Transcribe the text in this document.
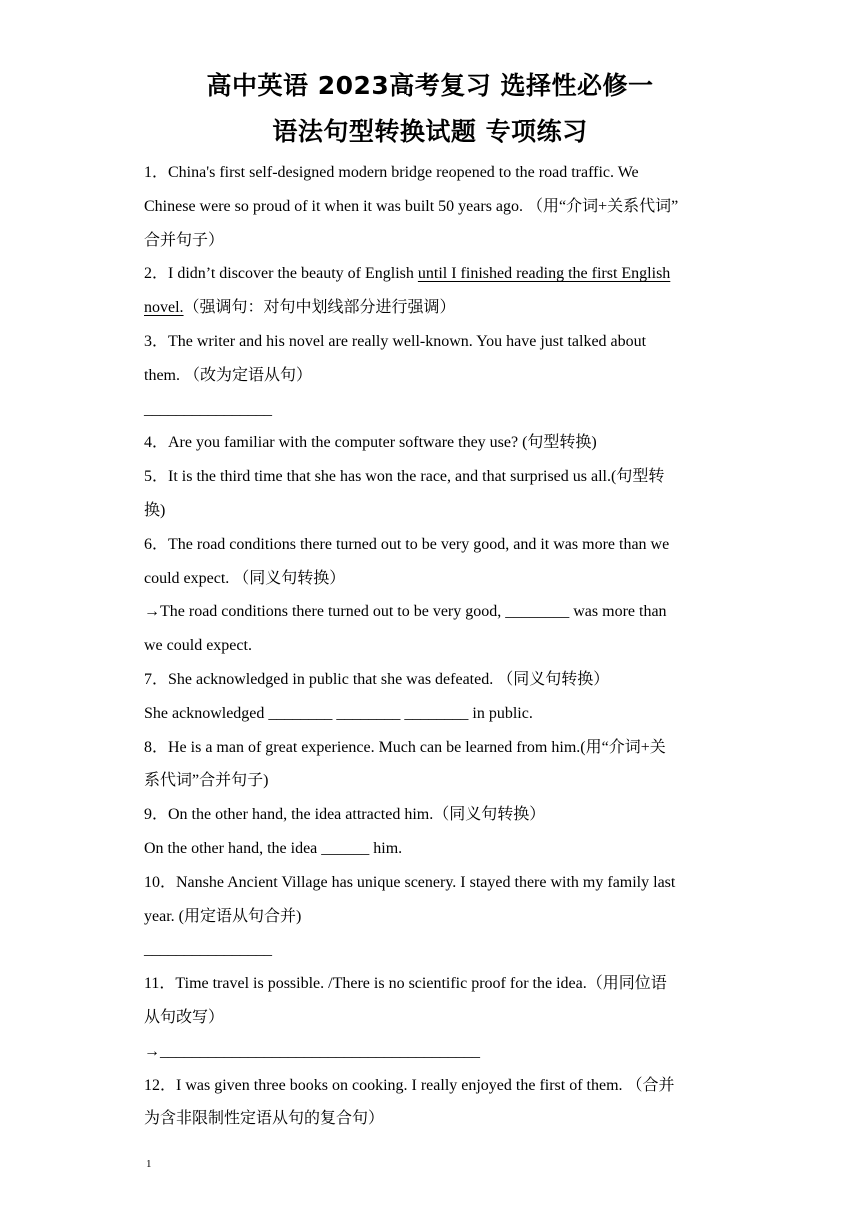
高中英语 2023高考复习 选择性必修一
语法句型转换试题 专项练习
1．China's first self-designed modern bridge reopened to the road traffic. We
Chinese were so proud of it when it was built 50 years ago. （用“介词+关系代词”
合并句子）
2．I didn’t discover the beauty of English until I finished reading the first English
novel.（强调句：对句中划线部分进行强调）
3．The writer and his novel are really well-known. You have just talked about
them. （改为定语从句）
________________
4．Are you familiar with the computer software they use? (句型转换)
5．It is the third time that she has won the race, and that surprised us all.(句型转
换)
6．The road conditions there turned out to be very good, and it was more than we
could expect. （同义句转换）
→The road conditions there turned out to be very good, ________ was more than
we could expect.
7．She acknowledged in public that she was defeated. （同义句转换）
She acknowledged ________ ________ ________ in public.
8．He is a man of great experience. Much can be learned from him.(用“介词+关
系代词”合并句子)
9．On the other hand, the idea attracted him.（同义句转换）
On the other hand, the idea ______ him.
10．Nanshe Ancient Village has unique scenery. I stayed there with my family last
year. (用定语从句合并)
________________
11．Time travel is possible. /There is no scientific proof for the idea.（用同位语
从句改写）
→________________________________________
12．I was given three books on cooking. I really enjoyed the first of them. （合并
为含非限制性定语从句的复合句）
1
